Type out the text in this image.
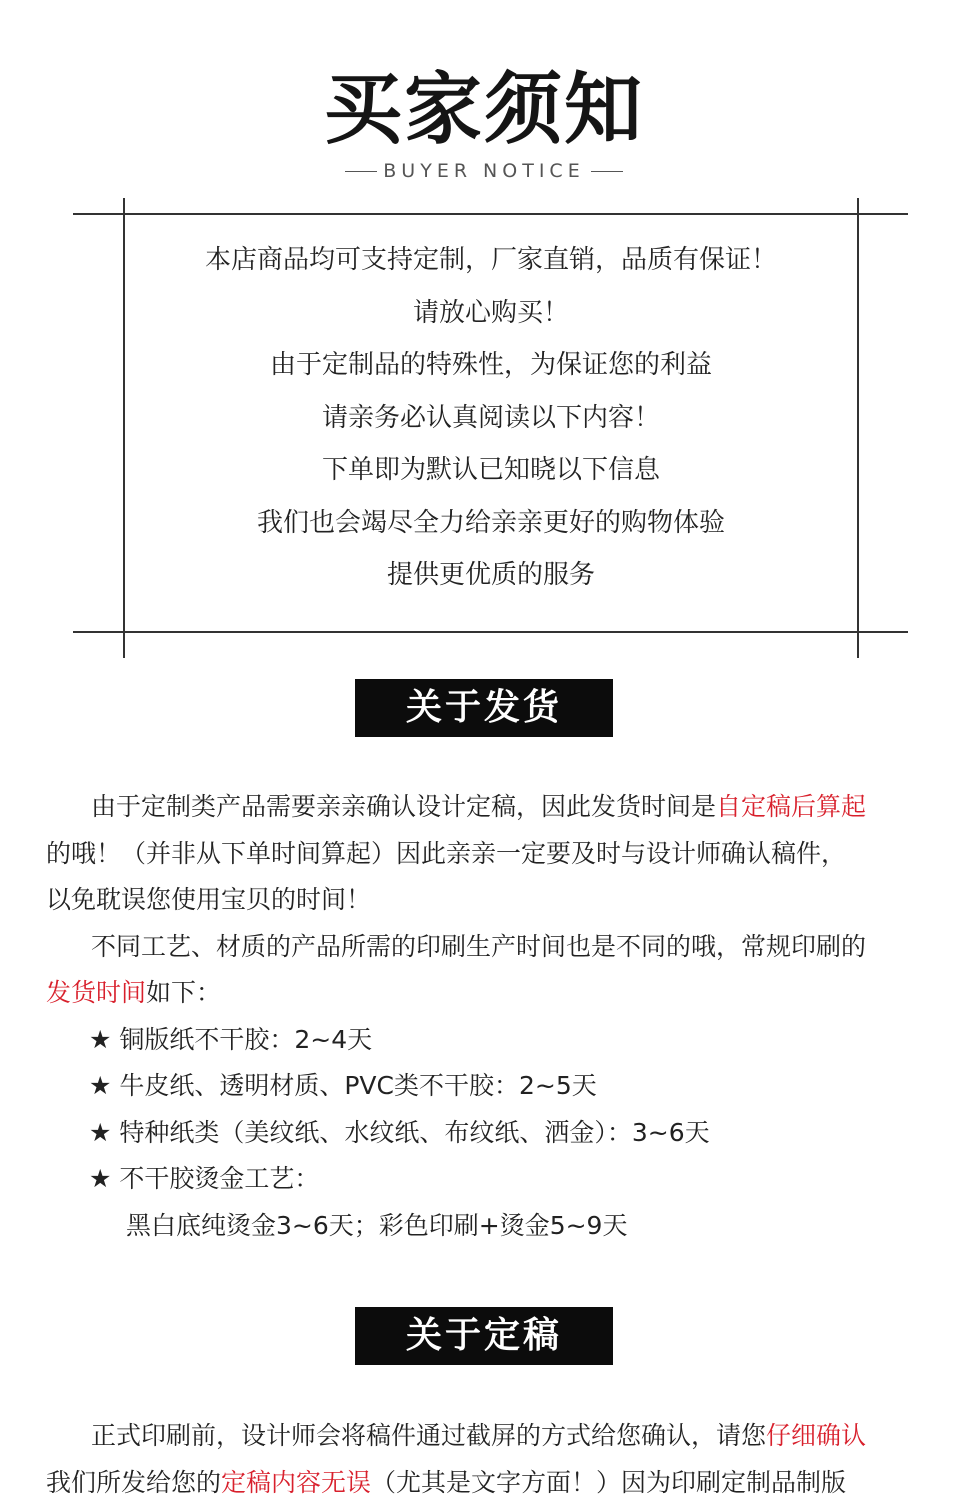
买家须知
BUYER NOTICE
本店商品均可支持定制，厂家直销，品质有保证！
请放心购买！
由于定制品的特殊性，为保证您的利益
请亲务必认真阅读以下内容！
下单即为默认已知晓以下信息
我们也会竭尽全力给亲亲更好的购物体验
提供更优质的服务
关于发货
由于定制类产品需要亲亲确认设计定稿，因此发货时间是自定稿后算起
的哦！（并非从下单时间算起）因此亲亲一定要及时与设计师确认稿件，
以免耽误您使用宝贝的时间！
不同工艺、材质的产品所需的印刷生产时间也是不同的哦，常规印刷的
发货时间如下：
★ 铜版纸不干胶：2~4天
★ 牛皮纸、透明材质、PVC类不干胶：2~5天
★ 特种纸类（美纹纸、水纹纸、布纹纸、洒金）：3~6天
★ 不干胶烫金工艺：
黑白底纯烫金3~6天；彩色印刷+烫金5~9天
关于定稿
正式印刷前，设计师会将稿件通过截屏的方式给您确认，请您仔细确认
我们所发给您的定稿内容无误（尤其是文字方面！）因为印刷定制品制版
